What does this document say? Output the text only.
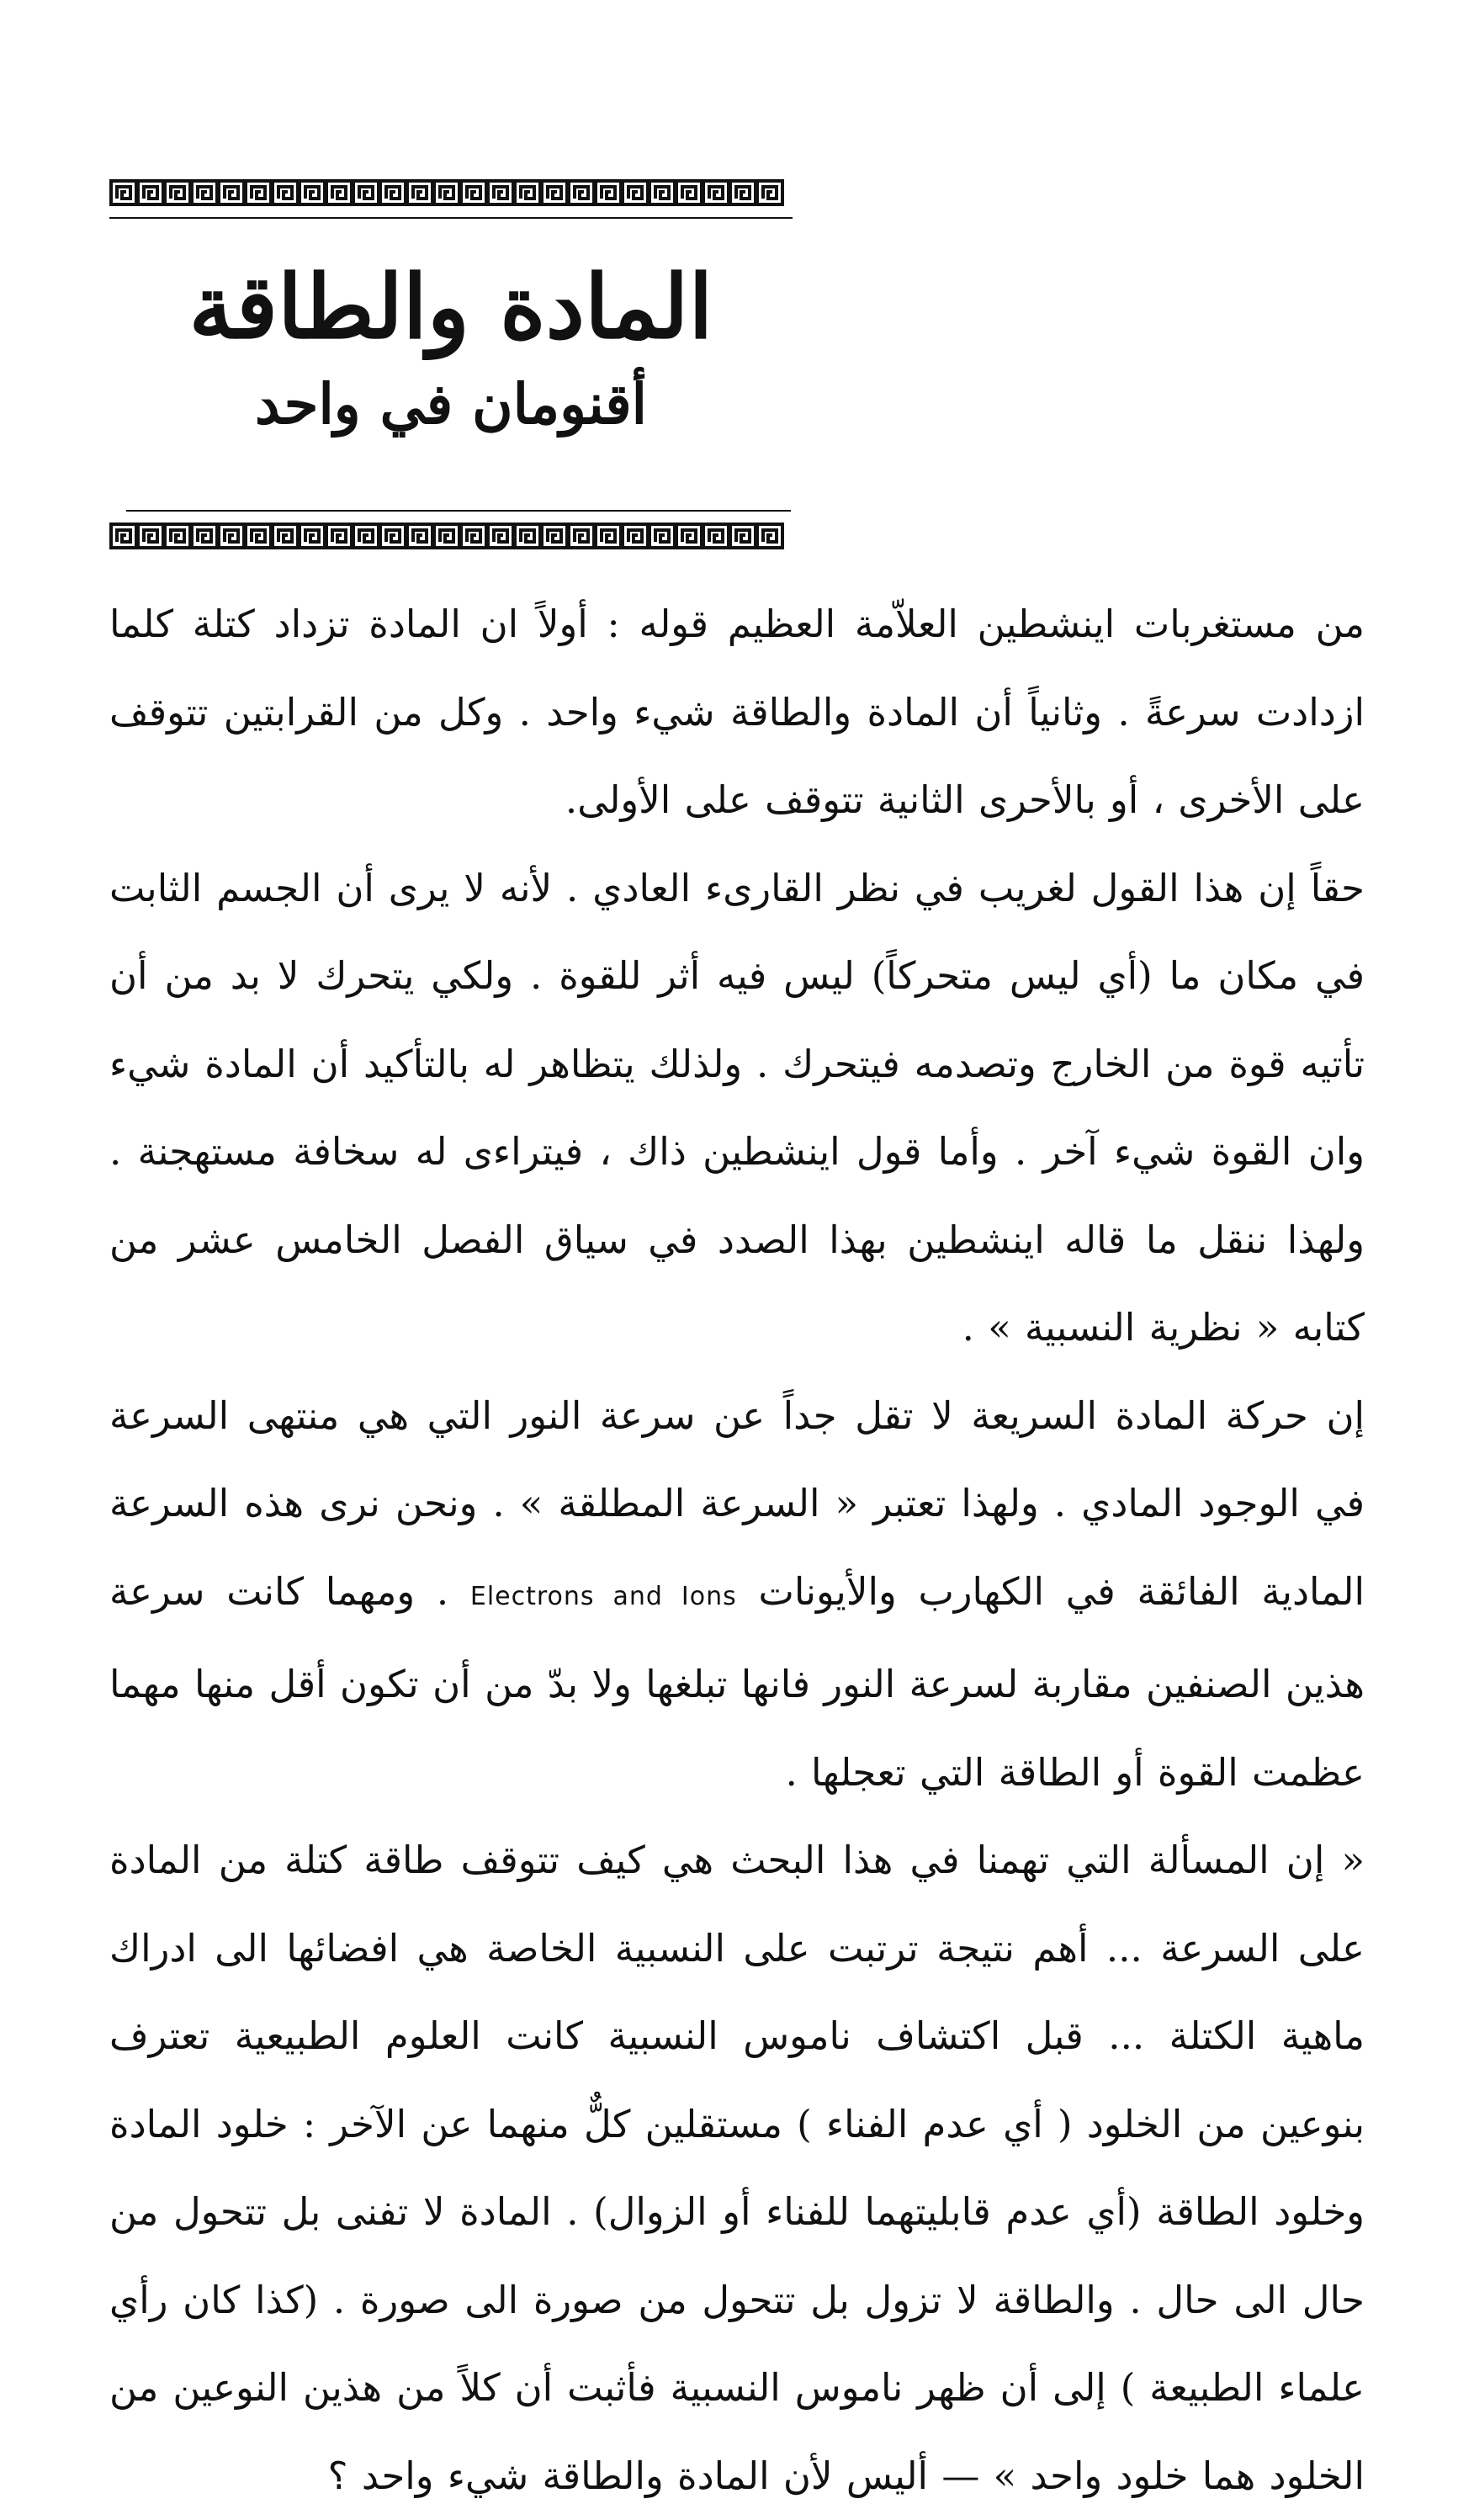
المادة والطاقة
أقنومان في واحد

من مستغربات اينشطين العلاّمة العظيم قوله : أولاً ان المادة تزداد كتلة كلما ازدادت سرعةً . وثانياً أن المادة والطاقة شيء واحد . وكل من القرابتين تتوقف على الأخرى ، أو بالأحرى الثانية تتوقف على الأولى.

حقاً إن هذا القول لغريب في نظر القارىء العادي . لأنه لا يرى أن الجسم الثابت في مكان ما (أي ليس متحركاً) ليس فيه أثر للقوة . ولكي يتحرك لا بد من أن تأتيه قوة من الخارج وتصدمه فيتحرك . ولذلك يتظاهر له بالتأكيد أن المادة شيء وان القوة شيء آخر . وأما قول اينشطين ذاك ، فيتراءى له سخافة مستهجنة . ولهذا ننقل ما قاله اينشطين بهذا الصدد في سياق الفصل الخامس عشر من كتابه « نظرية النسبية » .

إن حركة المادة السريعة لا تقل جداً عن سرعة النور التي هي منتهى السرعة في الوجود المادي . ولهذا تعتبر « السرعة المطلقة » . ونحن نرى هذه السرعة المادية الفائقة في الكهارب والأيونات Electrons and Ions . ومهما كانت سرعة هذين الصنفين مقاربة لسرعة النور فانها تبلغها ولا بدّ من أن تكون أقل منها مهما عظمت القوة أو الطاقة التي تعجلها .

« إن المسألة التي تهمنا في هذا البحث هي كيف تتوقف طاقة كتلة من المادة على السرعة ... أهم نتيجة ترتبت على النسبية الخاصة هي افضائها الى ادراك ماهية الكتلة ... قبل اكتشاف ناموس النسبية كانت العلوم الطبيعية تعترف بنوعين من الخلود ( أي عدم الفناء ) مستقلين كلٌّ منهما عن الآخر : خلود المادة وخلود الطاقة (أي عدم قابليتهما للفناء أو الزوال) . المادة لا تفنى بل تتحول من حال الى حال . والطاقة لا تزول بل تتحول من صورة الى صورة . (كذا كان رأي علماء الطبيعة ) إلى أن ظهر ناموس النسبية فأثبت أن كلاً من هذين النوعين من الخلود هما خلود واحد » — أليس لأن المادة والطاقة شيء واحد ؟
